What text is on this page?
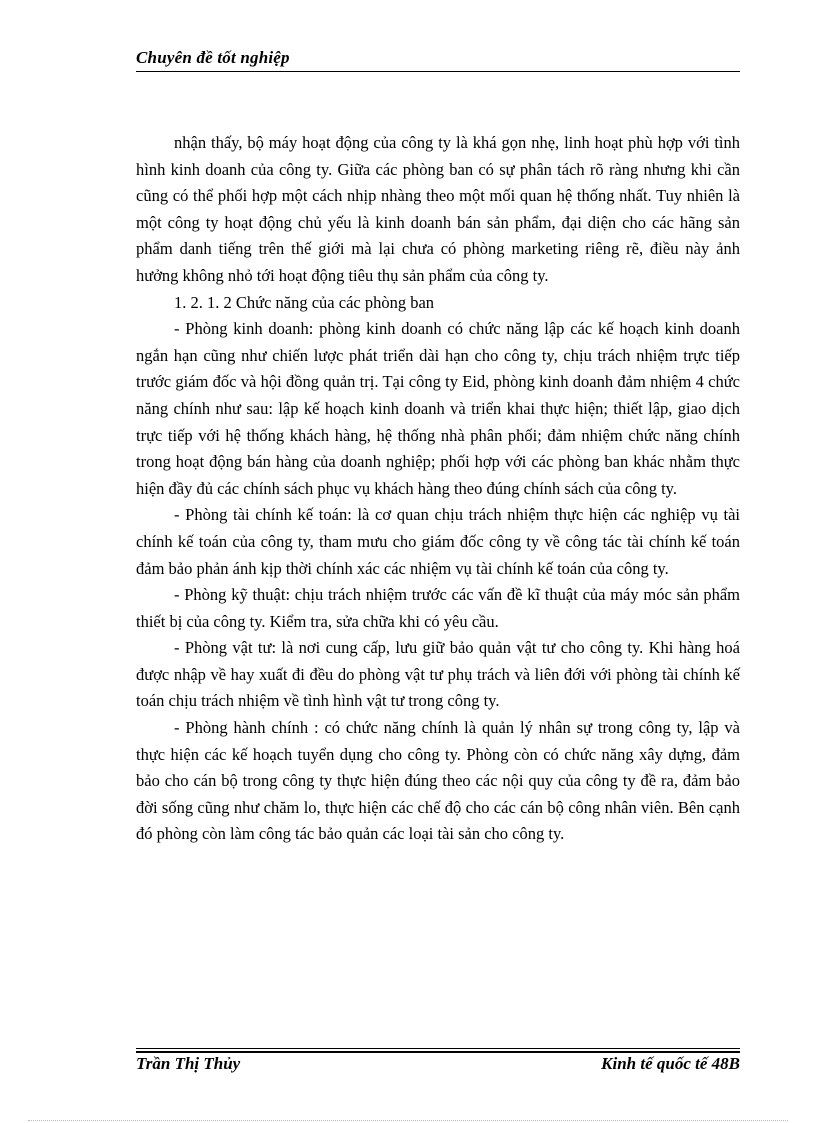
Chuyên đề tốt nghiệp

nhận thấy, bộ máy hoạt động của công ty là khá gọn nhẹ, linh hoạt phù hợp với tình hình kinh doanh của công ty. Giữa các phòng ban có sự phân tách rõ ràng nhưng khi cần cũng có thể phối hợp một cách nhịp nhàng theo một mối quan hệ thống nhất. Tuy nhiên là một công ty hoạt động chủ yếu là kinh doanh bán sản phẩm, đại diện cho các hãng sản phẩm danh tiếng trên thế giới mà lại chưa có phòng marketing riêng rẽ, điều này ảnh hưởng không nhỏ tới hoạt động tiêu thụ sản phẩm của công ty.

1. 2. 1. 2 Chức năng của các phòng ban

- Phòng kinh doanh: phòng kinh doanh có chức năng lập các kế hoạch kinh doanh ngắn hạn cũng như chiến lược phát triển dài hạn cho công ty, chịu trách nhiệm trực tiếp trước giám đốc và hội đồng quản trị. Tại công ty Eid, phòng kinh doanh đảm nhiệm 4 chức năng chính như sau: lập kế hoạch kinh doanh và triển khai thực hiện; thiết lập, giao dịch trực tiếp với hệ thống khách hàng, hệ thống nhà phân phối; đảm nhiệm chức năng chính trong hoạt động bán hàng của doanh nghiệp; phối hợp với các phòng ban khác nhằm thực hiện đầy đủ các chính sách phục vụ khách hàng theo đúng chính sách của công ty.

- Phòng tài chính kế toán: là cơ quan chịu trách nhiệm thực hiện các nghiệp vụ tài chính kế toán của công ty, tham mưu cho giám đốc công ty về công tác tài chính kế toán đảm bảo phản ánh kịp thời chính xác các nhiệm vụ tài chính kế toán của công ty.

- Phòng kỹ thuật: chịu trách nhiệm trước các vấn đề kĩ thuật của máy móc sản phẩm thiết bị của công ty. Kiểm tra, sửa chữa khi có yêu cầu.

- Phòng vật tư: là nơi cung cấp, lưu giữ bảo quản vật tư cho công ty. Khi hàng hoá được nhập về hay xuất đi đều do phòng vật tư phụ trách và liên đới với phòng tài chính kế toán chịu trách nhiệm về tình hình vật tư trong công ty.

- Phòng hành chính : có chức năng chính là quản lý nhân sự trong công ty, lập và thực hiện các kế hoạch tuyển dụng cho công ty. Phòng còn có chức năng xây dựng, đảm bảo cho cán bộ trong công ty thực hiện đúng theo các nội quy của công ty đề ra, đảm bảo đời sống cũng như chăm lo, thực hiện các chế độ cho các cán bộ công nhân viên. Bên cạnh đó phòng còn làm công tác bảo quản các loại tài sản cho công ty.

Trần Thị Thủy	Kinh tế quốc tế 48B
